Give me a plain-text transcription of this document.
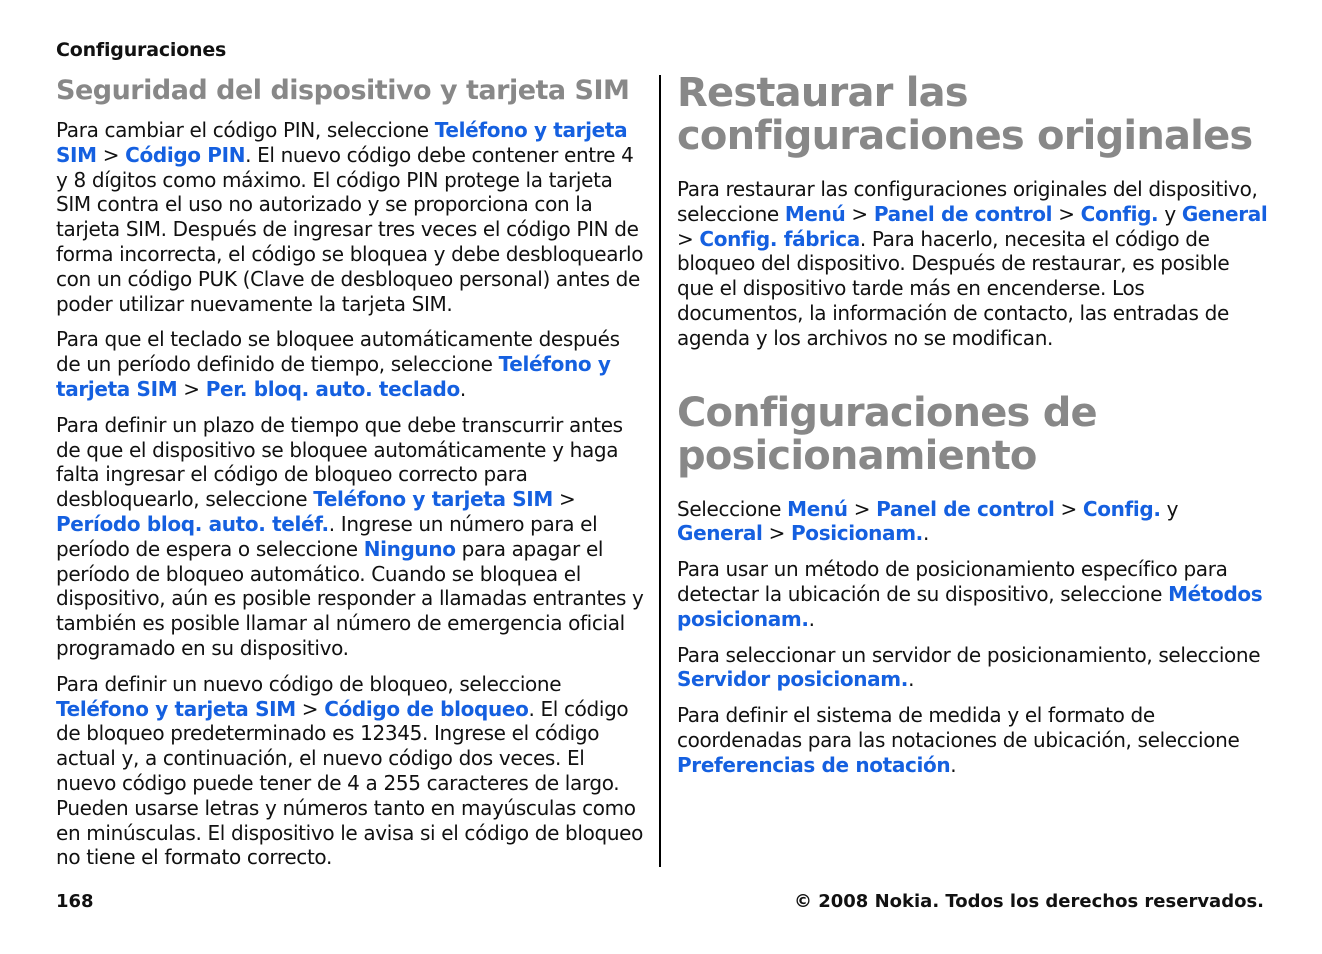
Configuraciones
Seguridad del dispositivo y tarjeta SIM

Para cambiar el código PIN, seleccione Teléfono y tarjeta SIM > Código PIN. El nuevo código debe contener entre 4 y 8 dígitos como máximo. El código PIN protege la tarjeta SIM contra el uso no autorizado y se proporciona con la tarjeta SIM. Después de ingresar tres veces el código PIN de forma incorrecta, el código se bloquea y debe desbloquearlo con un código PUK (Clave de desbloqueo personal) antes de poder utilizar nuevamente la tarjeta SIM.

Para que el teclado se bloquee automáticamente después de un período definido de tiempo, seleccione Teléfono y tarjeta SIM > Per. bloq. auto. teclado.

Para definir un plazo de tiempo que debe transcurrir antes de que el dispositivo se bloquee automáticamente y haga falta ingresar el código de bloqueo correcto para desbloquearlo, seleccione Teléfono y tarjeta SIM > Período bloq. auto. teléf.. Ingrese un número para el período de espera o seleccione Ninguno para apagar el período de bloqueo automático. Cuando se bloquea el dispositivo, aún es posible responder a llamadas entrantes y también es posible llamar al número de emergencia oficial programado en su dispositivo.

Para definir un nuevo código de bloqueo, seleccione Teléfono y tarjeta SIM > Código de bloqueo. El código de bloqueo predeterminado es 12345. Ingrese el código actual y, a continuación, el nuevo código dos veces. El nuevo código puede tener de 4 a 255 caracteres de largo. Pueden usarse letras y números tanto en mayúsculas como en minúsculas. El dispositivo le avisa si el código de bloqueo no tiene el formato correcto.

Restaurar las configuraciones originales

Para restaurar las configuraciones originales del dispositivo, seleccione Menú > Panel de control > Config. y General > Config. fábrica. Para hacerlo, necesita el código de bloqueo del dispositivo. Después de restaurar, es posible que el dispositivo tarde más en encenderse. Los documentos, la información de contacto, las entradas de agenda y los archivos no se modifican.

Configuraciones de posicionamiento

Seleccione Menú > Panel de control > Config. y General > Posicionam..

Para usar un método de posicionamiento específico para detectar la ubicación de su dispositivo, seleccione Métodos posicionam..

Para seleccionar un servidor de posicionamiento, seleccione Servidor posicionam..

Para definir el sistema de medida y el formato de coordenadas para las notaciones de ubicación, seleccione Preferencias de notación.

168	© 2008 Nokia. Todos los derechos reservados.
